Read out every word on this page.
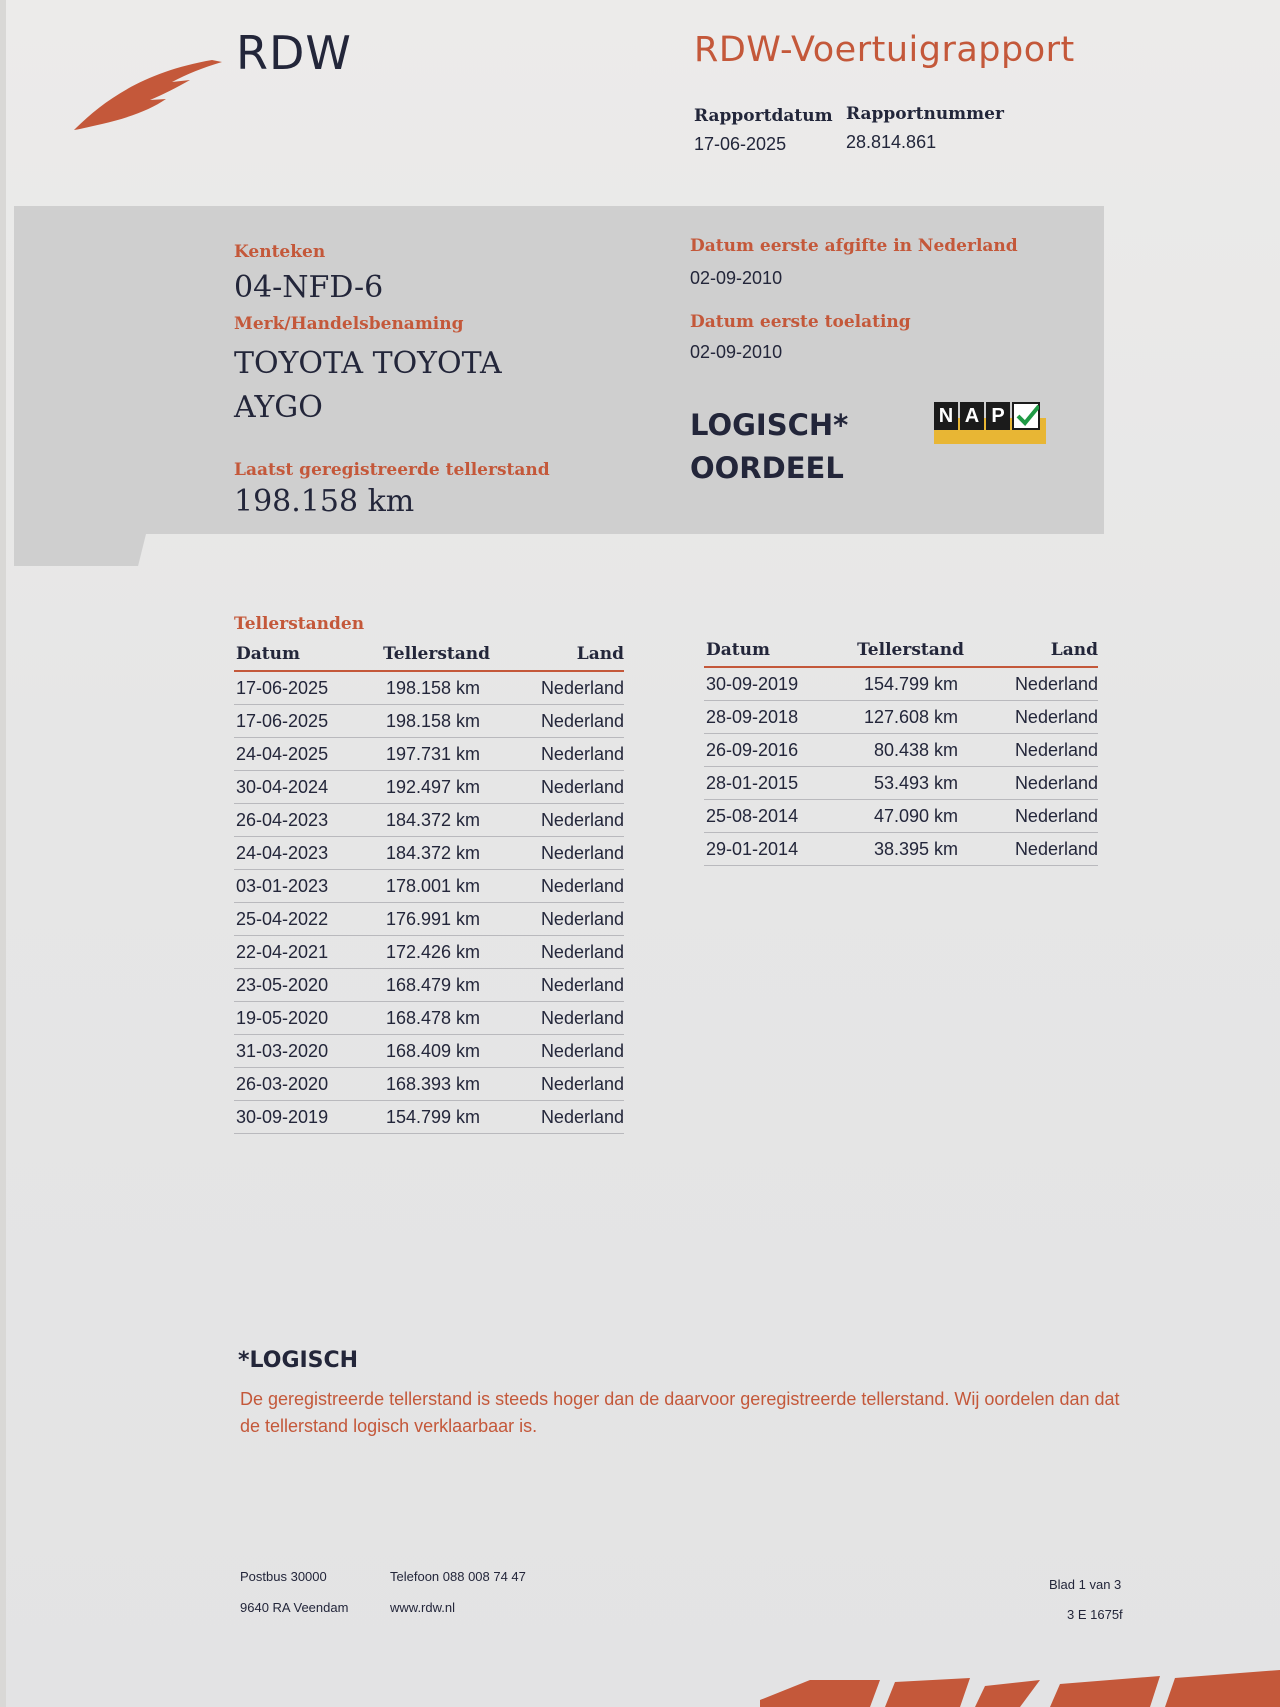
RDW	RDW-Voertuigrapport
Rapportdatum
17-06-2025
Rapportnummer
28.814.861
Kenteken
04-NFD-6
Merk/Handelsbenaming
TOYOTA TOYOTA
AYGO
Laatst geregistreerde tellerstand
198.158 km
Datum eerste afgifte in Nederland
02-09-2010
Datum eerste toelating
02-09-2010
LOGISCH*
OORDEEL
N A P
Tellerstanden
Datum	Tellerstand	Land
17-06-2025	198.158 km	Nederland
17-06-2025	198.158 km	Nederland
24-04-2025	197.731 km	Nederland
30-04-2024	192.497 km	Nederland
26-04-2023	184.372 km	Nederland
24-04-2023	184.372 km	Nederland
03-01-2023	178.001 km	Nederland
25-04-2022	176.991 km	Nederland
22-04-2021	172.426 km	Nederland
23-05-2020	168.479 km	Nederland
19-05-2020	168.478 km	Nederland
31-03-2020	168.409 km	Nederland
26-03-2020	168.393 km	Nederland
30-09-2019	154.799 km	Nederland
Datum	Tellerstand	Land
30-09-2019	154.799 km	Nederland
28-09-2018	127.608 km	Nederland
26-09-2016	80.438 km	Nederland
28-01-2015	53.493 km	Nederland
25-08-2014	47.090 km	Nederland
29-01-2014	38.395 km	Nederland
*LOGISCH
De geregistreerde tellerstand is steeds hoger dan de daarvoor geregistreerde tellerstand. Wij oordelen dan dat de tellerstand logisch verklaarbaar is.
Postbus 30000
9640 RA Veendam
Telefoon 088 008 74 47
www.rdw.nl
Blad 1 van 3
3 E 1675f
